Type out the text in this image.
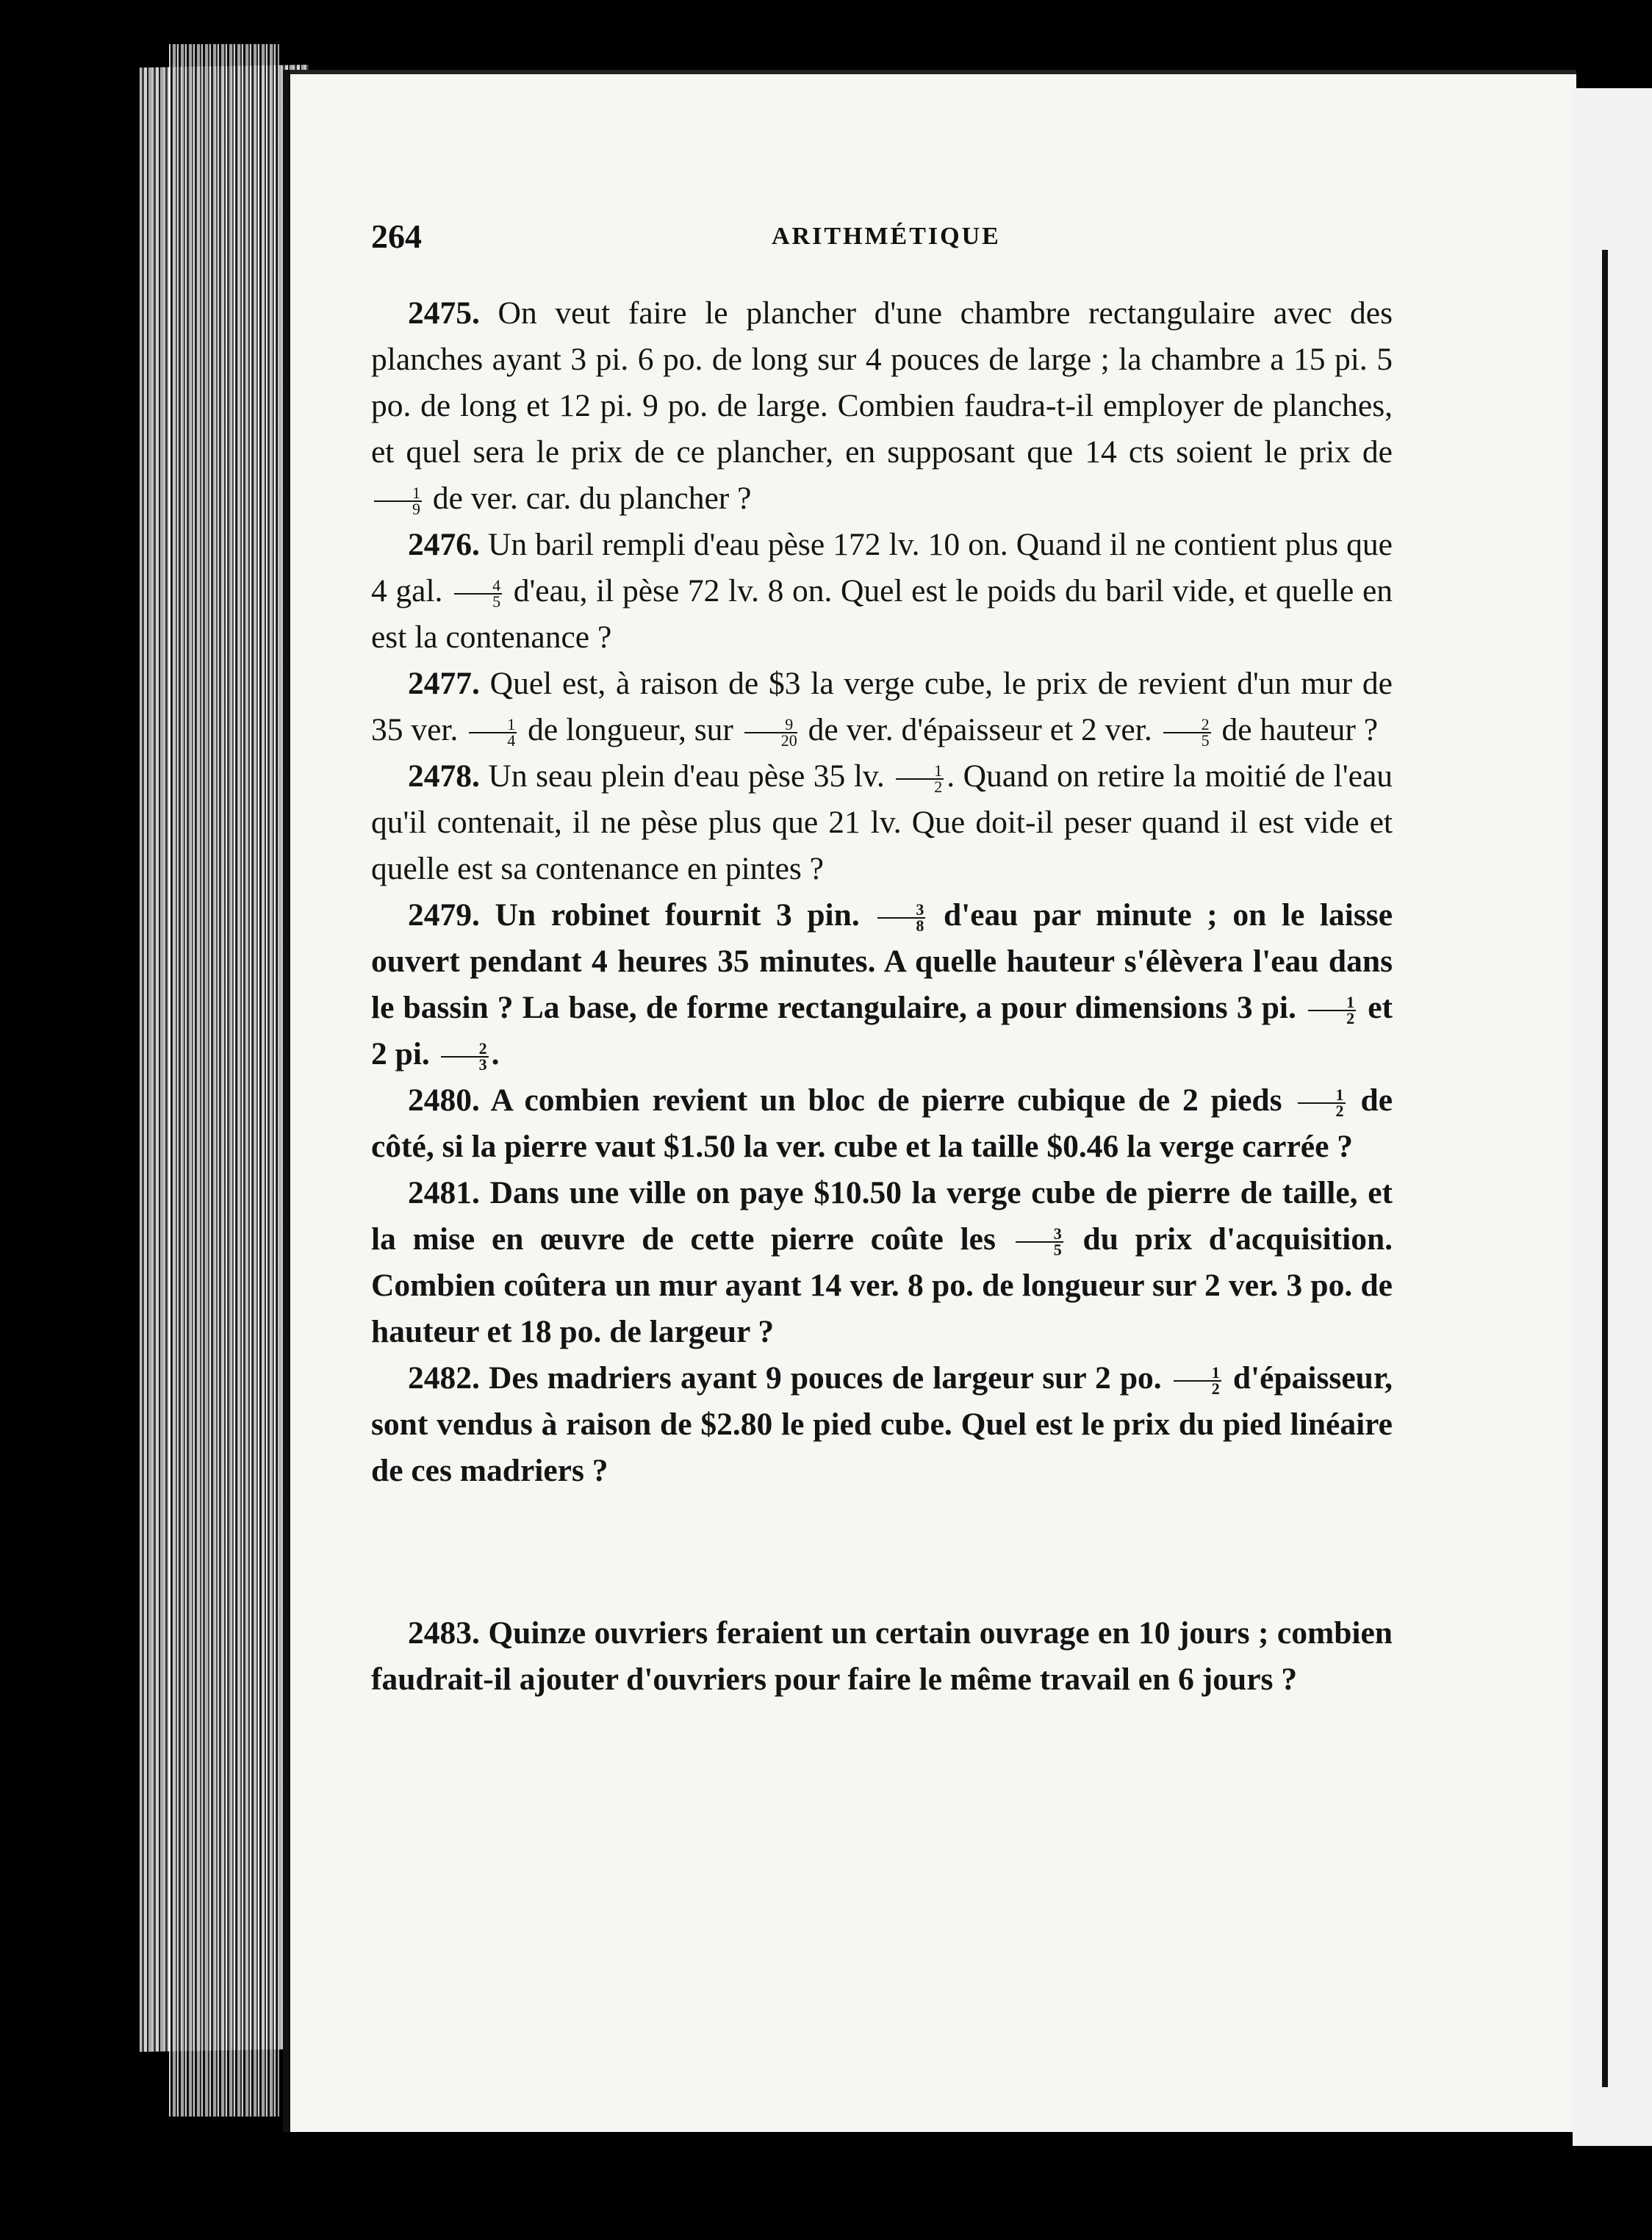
264	ARITHMÉTIQUE

2475. On veut faire le plancher d'une chambre rectangulaire avec des planches ayant 3 pi. 6 po. de long sur 4 pouces de large ; la chambre a 15 pi. 5 po. de long et 12 pi. 9 po. de large. Combien faudra-t-il employer de planches, et quel sera le prix de ce plancher, en supposant que 14 cts soient le prix de
$\frac{1}{9}$ de ver. car. du plancher ?

2476. Un baril rempli d'eau pèse 172 lv. 10 on. Quand il ne contient plus que 4 gal. $\frac{4}{5} d'eau$, il pèse 72 lv. 8 on. Quel est le poids du baril vide, et quelle en est la contenance ?

2477. Quel est, à raison de $3 la verge cube, le prix de revient d'un mur de 35 ver. $\frac{1}{4}$ de longueur, sur $\frac{9}{20}$ de ver. d'épaisseur et 2 ver. $\frac{2}{5}$ de hauteur ?

2478. Un seau plein d'eau pèse 35 lv. $\frac{1}{2}$ . Quand on retire la moitié de l'eau qu'il contenait, il ne pèse plus que 21 lv. Que doit-il peser quand il est vide et quelle est sa contenance en pintes ?

2479. Un robinet fournit 3 pin. $\frac{3}{8} d'eau$ par minute ; on le laisse ouvert pendant 4 heures 35 minutes. A quelle hauteur s'élèvera l'eau dans le bassin ? La base, de forme rectangulaire, a pour dimensions 3 pi. $\frac{1}{2}$ et 2 pi. $\frac{2}{3}$ .

2480. A combien revient un bloc de pierre cubique de 2 pieds $\frac{1}{2}$ de côté, si la pierre vaut $1.50 la ver. cube et la taille $0.46 la verge carrée ?

2481. Dans une ville on paye $10.50 la verge cube de pierre de taille, et la mise en œuvre de cette pierre coûte les $\frac{3}{5}$ du prix d'acquisition. Combien coûtera un mur ayant 14 ver. 8 po. de longueur sur 2 ver. 3 po. de hauteur et 18 po. de largeur ?

2482. Des madriers ayant 9 pouces de largeur sur 2 po. $\frac{1}{2}$ d'épaisseur, sont vendus à raison de $2.80 le pied cube. Quel est le prix du pied linéaire de ces madriers ?

2483. Quinze ouvriers feraient un certain ouvrage en 10 jours ; combien faudrait-il ajouter d'ouvriers pour faire le même travail en 6 jours ?
